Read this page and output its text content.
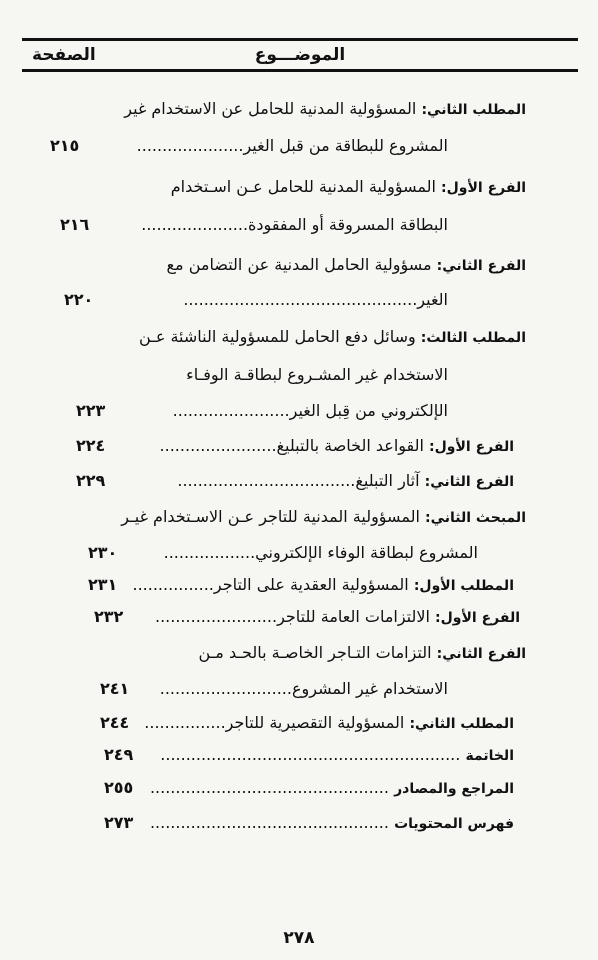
الموضـــوع
الصفحة
المطلب الثاني: المسؤولية المدنية للحامل عن الاستخدام غير
المشروع للبطاقة من قبل الغير.....................
٢١٥
الفرع الأول: المسؤولية المدنية للحامل عـن اسـتخدام
البطاقة المسروقة أو المفقودة.....................
٢١٦
الفرع الثاني: مسؤولية الحامل المدنية عن التضامن مع
الغير..............................................
٢٢٠
المطلب الثالث: وسائل دفع الحامل للمسؤولية الناشئة عـن
الاستخدام غير المشـروع لبطاقـة الوفـاء
الإلكتروني من قِبل الغير.......................
٢٢٣
الفرع الأول: القواعد الخاصة بالتبليغ.......................
٢٢٤
الفرع الثاني: آثار التبليغ...................................
٢٢٩
المبحث الثاني: المسؤولية المدنية للتاجر عـن الاسـتخدام غيـر
المشروع لبطاقة الوفاء الإلكتروني..................
٢٣٠
المطلب الأول: المسؤولية العقدية على التاجر................
٢٣١
الفرع الأول: الالتزامات العامة للتاجر........................
٢٣٢
الفرع الثاني: التزامات التـاجر الخاصـة بالحـد مـن
الاستخدام غير المشروع..........................
٢٤١
المطلب الثاني: المسؤولية التقصيرية للتاجر................
٢٤٤
الخاتمة ...........................................................
٢٤٩
المراجع والمصادر ...............................................
٢٥٥
فهرس المحتويات ...............................................
٢٧٣
٢٧٨
